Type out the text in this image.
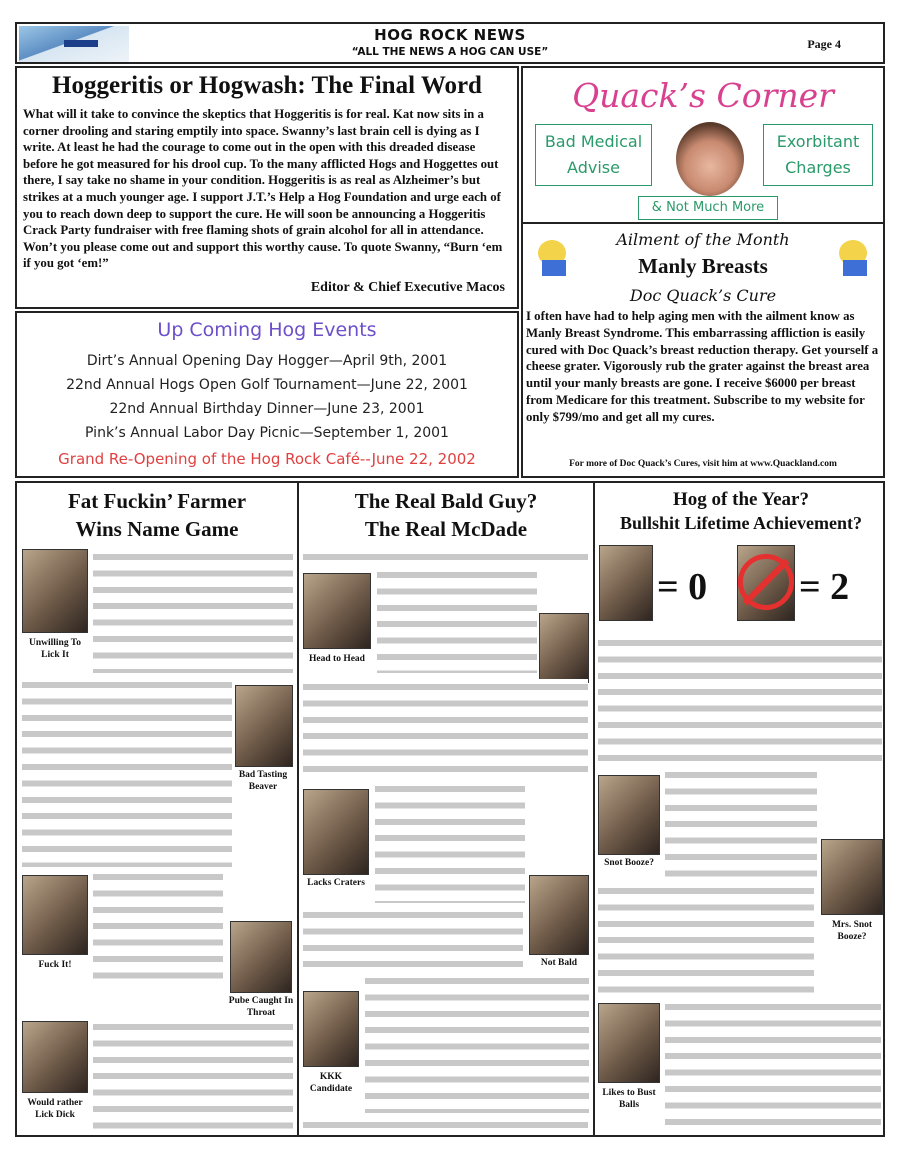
HOG ROCK NEWS
“ALL THE NEWS A HOG CAN USE”
Page 4
Hoggeritis or Hogwash: The Final Word
What will it take to convince the skeptics that Hoggeritis is for real. Kat now sits in a corner drooling and staring emptily into space. Swanny’s last brain cell is dying as I write. At least he had the courage to come out in the open with this dreaded disease before he got measured for his drool cup. To the many afflicted Hogs and Hoggettes out there, I say take no shame in your condition. Hoggeritis is as real as Alzheimer’s but strikes at a much younger age. I support J.T.’s Help a Hog Foundation and urge each of you to reach down deep to support the cure. He will soon be announcing a Hoggeritis Crack Party fundraiser with free flaming shots of grain alcohol for all in attendance. Won’t you please come out and support this worthy cause. To quote Swanny, “Burn ‘em if you got ‘em!”
Editor & Chief Executive Macos
Quack’s Corner
Bad Medical Advise
Exorbitant Charges
& Not Much More
Ailment of the Month
Manly Breasts
Doc Quack’s Cure
I often have had to help aging men with the ailment know as Manly Breast Syndrome. This embarrassing affliction is easily cured with Doc Quack’s breast reduction therapy. Get yourself a cheese grater. Vigorously rub the grater against the breast area until your manly breasts are gone. I receive $6000 per breast from Medicare for this treatment. Subscribe to my website for only $799/mo and get all my cures.
For more of Doc Quack’s Cures, visit him at www.Quackland.com
Up Coming Hog Events
Dirt’s Annual Opening Day Hogger—April 9th, 2001
22nd Annual Hogs Open Golf Tournament—June 22, 2001
22nd Annual Birthday Dinner—June 23, 2001
Pink’s Annual Labor Day Picnic—September 1, 2001
Grand Re-Opening of the Hog Rock Café--June 22, 2002
Fat Fuckin’ Farmer
Wins Name Game
Unwilling To Lick It
Bad Tasting Beaver
Fuck It!
Pube Caught In Throat
Would rather Lick Dick
The Real Bald Guy?
The Real McDade
Head to Head
Lacks Craters
Not Bald
KKK Candidate
Hog of the Year?
Bullshit Lifetime Achievement?
= 0 = 2
Snot Booze?
Mrs. Snot Booze?
Likes to Bust Balls
